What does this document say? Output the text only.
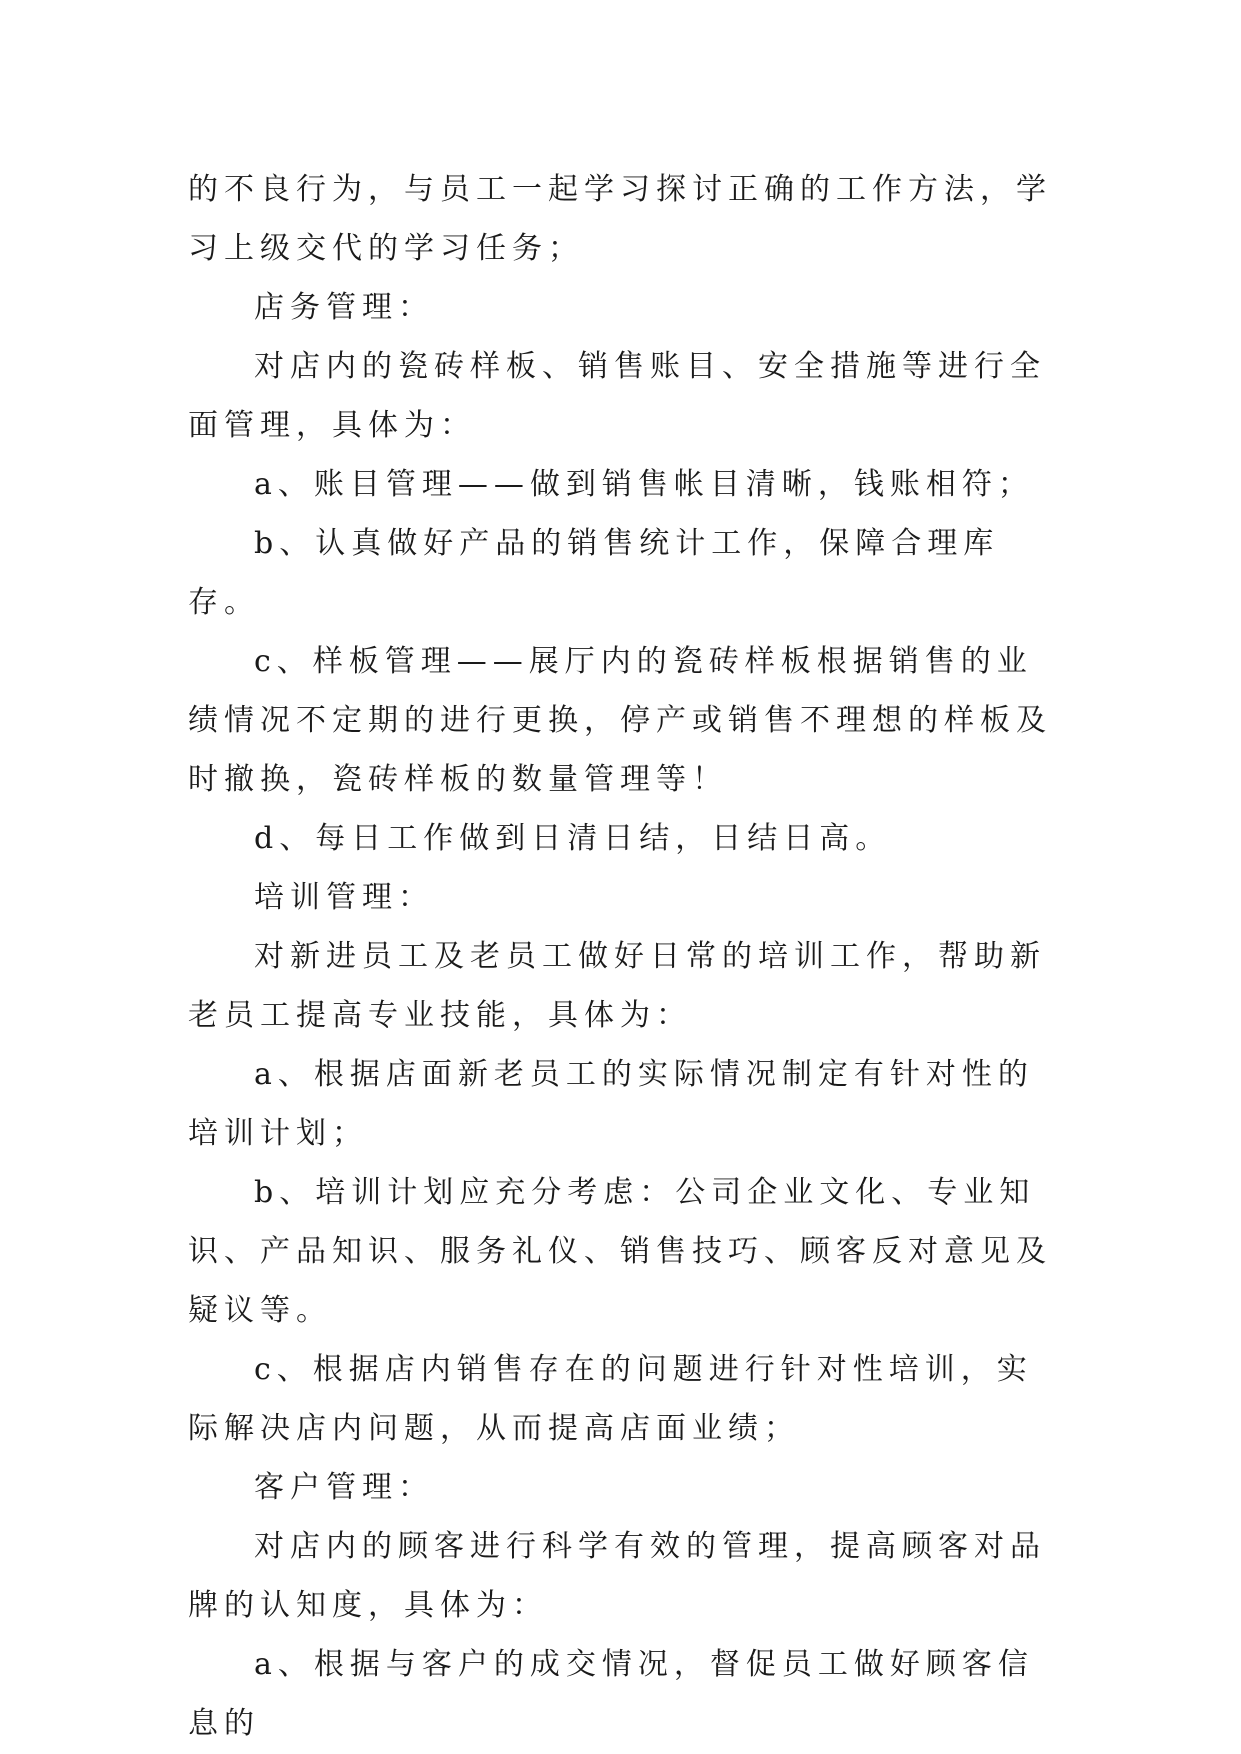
的不良行为，与员工一起学习探讨正确的工作方法，学习上级交代的学习任务；

店务管理：

对店内的瓷砖样板、销售账目、安全措施等进行全面管理，具体为：

a、账目管理——做到销售帐目清晰，钱账相符；

b、认真做好产品的销售统计工作，保障合理库存。

c、样板管理——展厅内的瓷砖样板根据销售的业绩情况不定期的进行更换，停产或销售不理想的样板及时撤换，瓷砖样板的数量管理等！

d、每日工作做到日清日结，日结日高。

培训管理：

对新进员工及老员工做好日常的培训工作，帮助新老员工提高专业技能，具体为：

a、根据店面新老员工的实际情况制定有针对性的培训计划；

b、培训计划应充分考虑：公司企业文化、专业知识、产品知识、服务礼仪、销售技巧、顾客反对意见及疑议等。

c、根据店内销售存在的问题进行针对性培训，实际解决店内问题，从而提高店面业绩；

客户管理：

对店内的顾客进行科学有效的管理，提高顾客对品牌的认知度，具体为：

a、根据与客户的成交情况，督促员工做好顾客信息的
